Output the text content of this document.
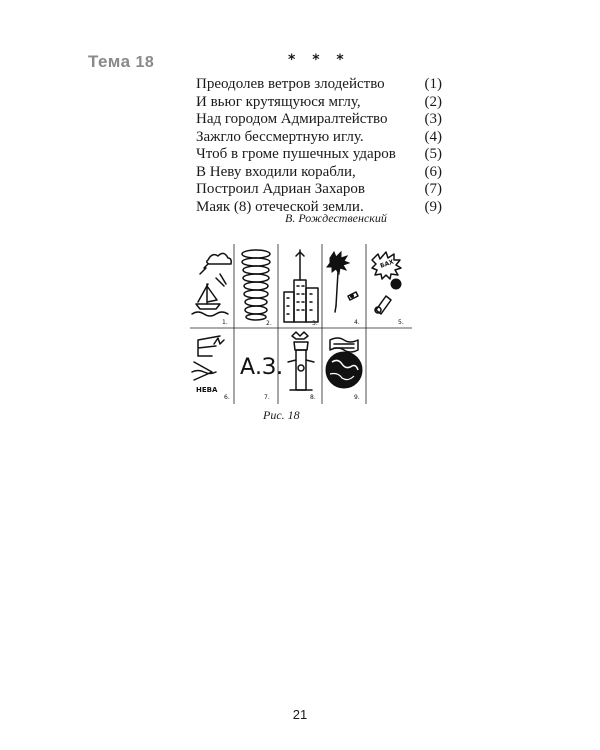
Тема 18	* * *
Преодолев ветров злодейство	(1)
И вьюг крутящуюся мглу,	(2)
Над городом Адмиралтейство (3)
Зажгло бессмертную иглу.	(4)
Чтоб в громе пушечных ударов (5)
В Неву входили корабли,	(6)
Построил Адриан Захаров	(7)
Маяк (8) отеческой земли.	(9)
В. Рождественский
1.	2.	3.	4.
БАХ
5.
НЕВА
6.
А.З.
7.	8.	9.
Рис. 18
21
